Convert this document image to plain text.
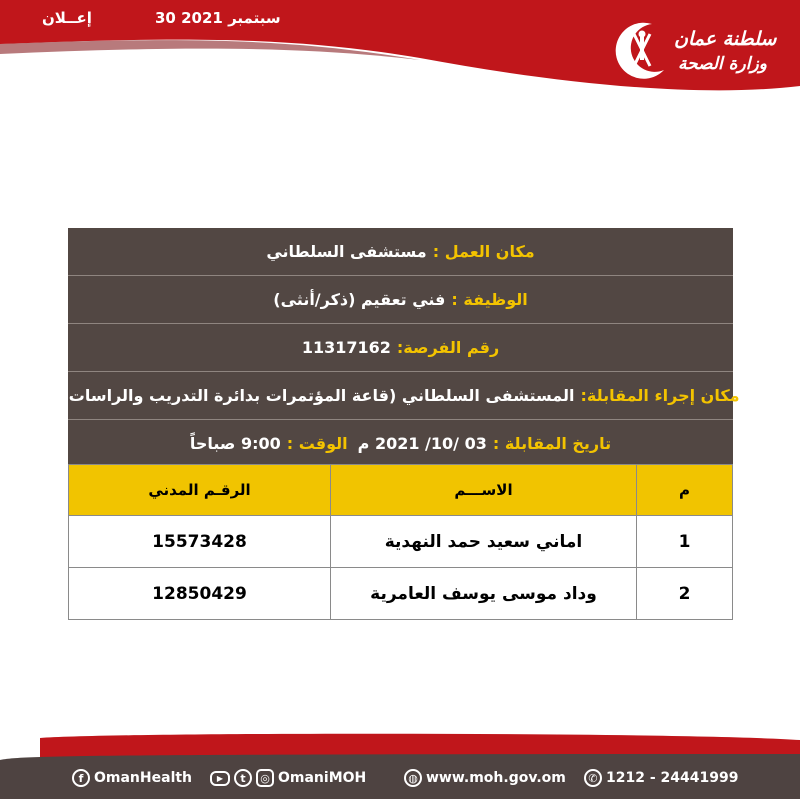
إعــلان	30 سبتمبر 2021
سلطنة عمان
وزارة الصحة
مكان العمل :
مستشفى السلطاني
الوظيفة :
فني تعقيم (ذكر/أنثى)
رقم الفرصة:
11317162
مكان إجراء المقابلة:
المستشفى السلطاني (قاعة المؤتمرات بدائرة التدريب والراسات)
تاريخ المقابلة :
03 /10/ 2021 م
الوقت :
9:00 صباحاً
م	الاســـم	الرقـم المدني
1	اماني سعيد حمد النهدية	15573428
2	وداد موسى يوسف العامرية	12850429
f OmanHealth	▶	t	◎ OmaniMOH	◍ www.moh.gov.om	✆ 1212 - 24441999
